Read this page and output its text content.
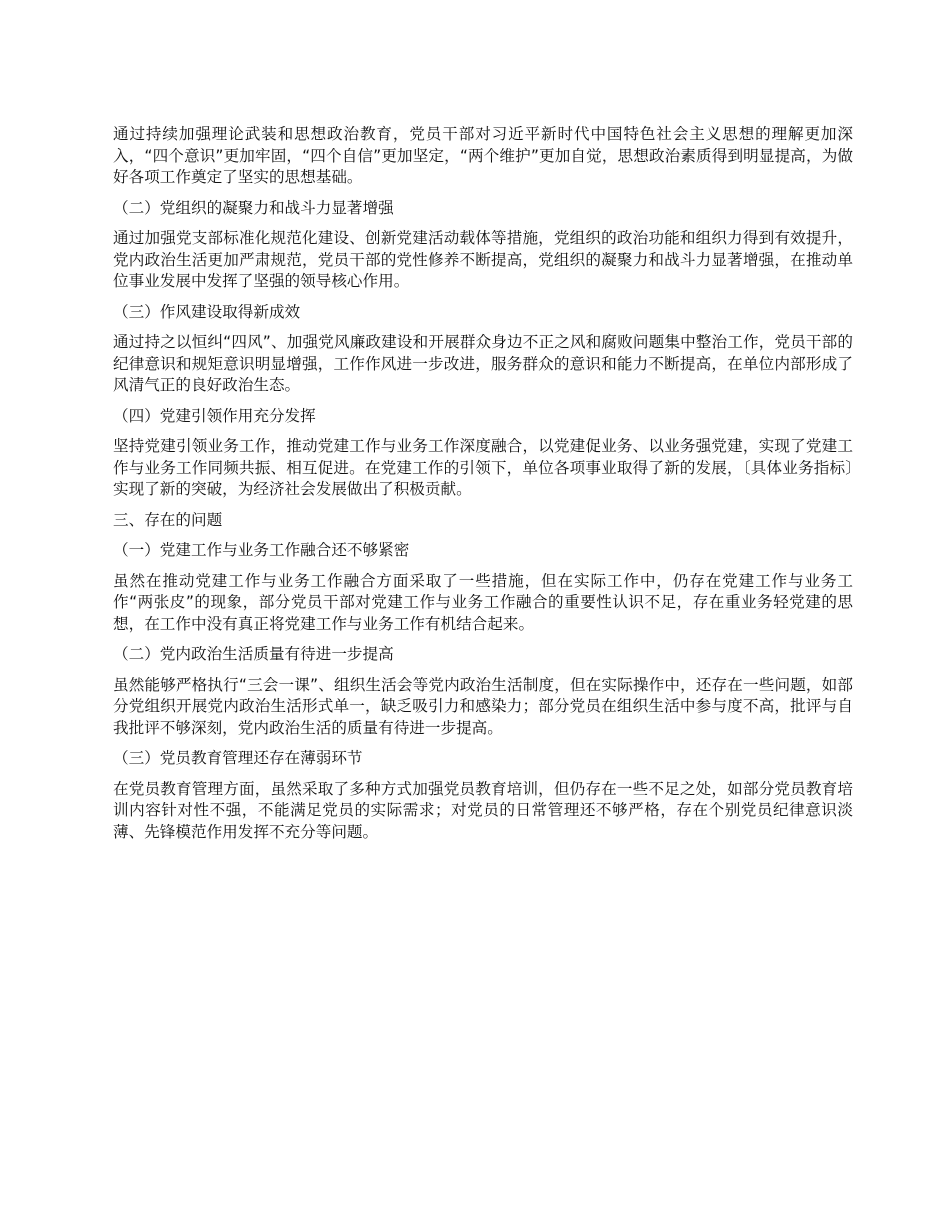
通过持续加强理论武装和思想政治教育，党员干部对习近平新时代中国特色社会主义思想的理解更加深入，“四个意识”更加牢固，“四个自信”更加坚定，“两个维护”更加自觉，思想政治素质得到明显提高，为做好各项工作奠定了坚实的思想基础。

（二）党组织的凝聚力和战斗力显著增强

通过加强党支部标准化规范化建设、创新党建活动载体等措施，党组织的政治功能和组织力得到有效提升，党内政治生活更加严肃规范，党员干部的党性修养不断提高，党组织的凝聚力和战斗力显著增强，在推动单位事业发展中发挥了坚强的领导核心作用。

（三）作风建设取得新成效

通过持之以恒纠“四风”、加强党风廉政建设和开展群众身边不正之风和腐败问题集中整治工作，党员干部的纪律意识和规矩意识明显增强，工作作风进一步改进，服务群众的意识和能力不断提高，在单位内部形成了风清气正的良好政治生态。

（四）党建引领作用充分发挥

坚持党建引领业务工作，推动党建工作与业务工作深度融合，以党建促业务、以业务强党建，实现了党建工作与业务工作同频共振、相互促进。在党建工作的引领下，单位各项事业取得了新的发展，〔具体业务指标〕实现了新的突破，为经济社会发展做出了积极贡献。

三、存在的问题

（一）党建工作与业务工作融合还不够紧密

虽然在推动党建工作与业务工作融合方面采取了一些措施，但在实际工作中，仍存在党建工作与业务工作“两张皮”的现象，部分党员干部对党建工作与业务工作融合的重要性认识不足，存在重业务轻党建的思想，在工作中没有真正将党建工作与业务工作有机结合起来。

（二）党内政治生活质量有待进一步提高

虽然能够严格执行“三会一课”、组织生活会等党内政治生活制度，但在实际操作中，还存在一些问题，如部分党组织开展党内政治生活形式单一，缺乏吸引力和感染力；部分党员在组织生活中参与度不高，批评与自我批评不够深刻，党内政治生活的质量有待进一步提高。

（三）党员教育管理还存在薄弱环节

在党员教育管理方面，虽然采取了多种方式加强党员教育培训，但仍存在一些不足之处，如部分党员教育培训内容针对性不强，不能满足党员的实际需求；对党员的日常管理还不够严格，存在个别党员纪律意识淡薄、先锋模范作用发挥不充分等问题。
